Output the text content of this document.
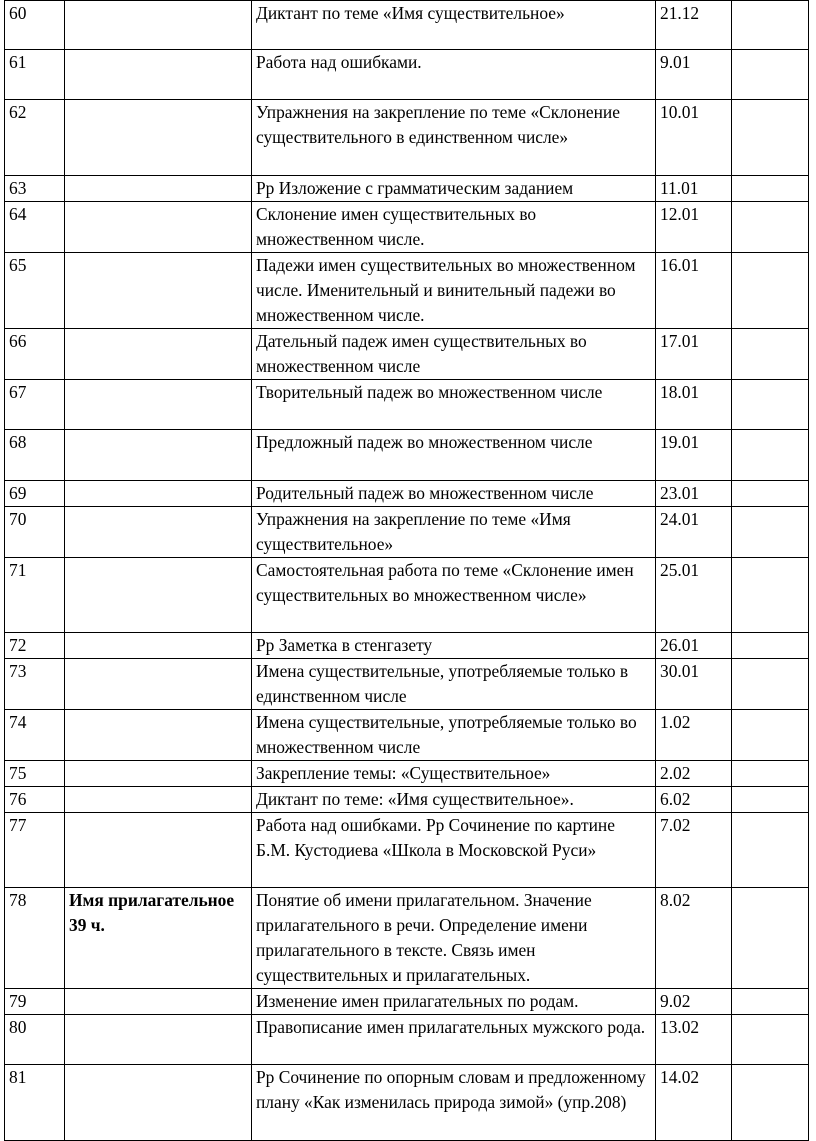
60		Диктант по теме «Имя существительное»	21.12	
61		Работа над ошибками.	9.01	
62		Упражнения на закрепление по теме «Склонение существительного в единственном числе»	10.01	
63		Рр Изложение с грамматическим заданием	11.01	
64		Склонение имен существительных во множественном числе.	12.01	
65		Падежи имен существительных во множественном числе. Именительный и винительный падежи во множественном числе.	16.01	
66		Дательный падеж имен существительных во множественном числе	17.01	
67		Творительный падеж во множественном числе	18.01	
68		Предложный падеж во множественном числе	19.01	
69		Родительный падеж во множественном числе	23.01	
70		Упражнения на закрепление по теме «Имя существительное»	24.01	
71		Самостоятельная работа по теме «Склонение имен существительных во множественном числе»	25.01	
72		Рр Заметка в стенгазету	26.01	
73		Имена существительные, употребляемые только в единственном числе	30.01	
74		Имена существительные, употребляемые только во множественном числе	1.02	
75		Закрепление темы: «Существительное»	2.02	
76		Диктант по теме: «Имя существительное».	6.02	
77		Работа над ошибками. Рр Сочинение по картине Б.М. Кустодиева «Школа в Московской Руси»	7.02	
78	Имя прилагательное 39 ч.	Понятие об имени прилагательном. Значение прилагательного в речи. Определение имени прилагательного в тексте. Связь имен существительных и прилагательных.	8.02	
79		Изменение имен прилагательных по родам.	9.02	
80		Правописание имен прилагательных мужского рода.	13.02	
81		Рр Сочинение по опорным словам и предложенному плану «Как изменилась природа зимой» (упр.208)	14.02	
